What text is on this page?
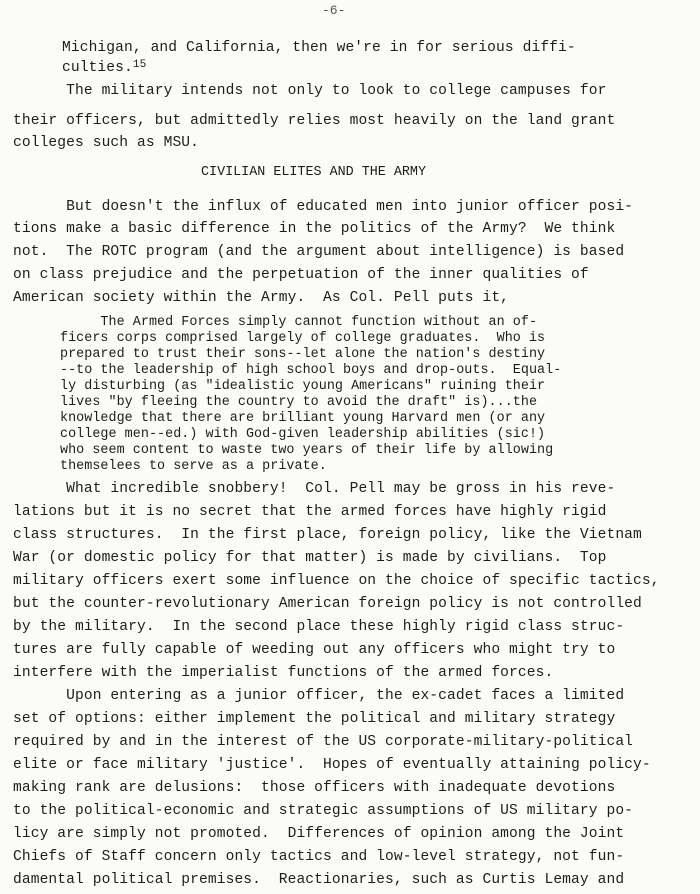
-6-
Michigan, and California, then we're in for serious diffi-
culties.$^{15}$
The military intends not only to look to college campuses for
their officers, but admittedly relies most heavily on the land grant
colleges such as MSU.
CIVILIAN ELITES AND THE ARMY
But doesn't the influx of educated men into junior officer posi-
tions make a basic difference in the politics of the Army?  We think
not.  The ROTC program (and the argument about intelligence) is based
on class prejudice and the perpetuation of the inner qualities of
American society within the Army.  As Col. Pell puts it,
The Armed Forces simply cannot function without an of-
ficers corps comprised largely of college graduates.  Who is
prepared to trust their sons--let alone the nation's destiny
--to the leadership of high school boys and drop-outs.  Equal-
ly disturbing (as "idealistic young Americans" ruining their
lives "by fleeing the country to avoid the draft" is)...the
knowledge that there are brilliant young Harvard men (or any
college men--ed.) with God-given leadership abilities (sic!)
who seem content to waste two years of their life by allowing
themselees to serve as a private.
What incredible snobbery!  Col. Pell may be gross in his reve-
lations but it is no secret that the armed forces have highly rigid
class structures.  In the first place, foreign policy, like the Vietnam
War (or domestic policy for that matter) is made by civilians.  Top
military officers exert some influence on the choice of specific tactics,
but the counter-revolutionary American foreign policy is not controlled
by the military.  In the second place these highly rigid class struc-
tures are fully capable of weeding out any officers who might try to
interfere with the imperialist functions of the armed forces.
Upon entering as a junior officer, the ex-cadet faces a limited
set of options: either implement the political and military strategy
required by and in the interest of the US corporate-military-political
elite or face military 'justice'.  Hopes of eventually attaining policy-
making rank are delusions:  those officers with inadequate devotions
to the political-economic and strategic assumptions of US military po-
licy are simply not promoted.  Differences of opinion among the Joint
Chiefs of Staff concern only tactics and low-level strategy, not fun-
damental political premises.  Reactionaries, such as Curtis Lemay and
